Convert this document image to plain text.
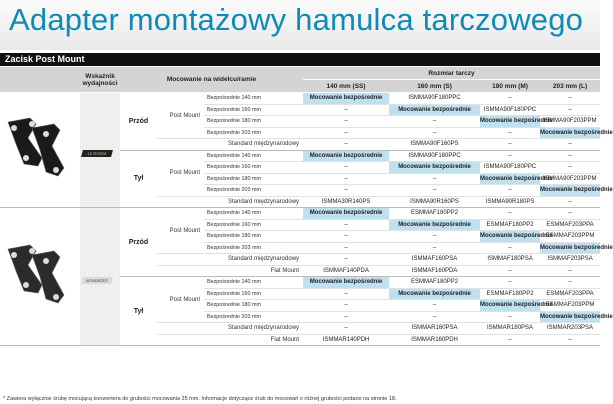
Adapter montażowy hamulca tarczowego
Zacisk Post Mount
	Wskaźnik wydajności	Mocowanie na widelcu/ramie			Rozmiar tarczy			
					140 mm (SS)	160 mm (S)	180 mm (M)	203 mm (L)

ULTEGRA	Przód	Post Mount	Bezpośrednie 140 mm	Mocowanie bezpośrednie	ISMMA90F180PPC	–	–
				Bezpośrednie 160 mm	–	Mocowanie bezpośrednie	ISMMA90F180PPC	–
				Bezpośrednie 180 mm	–	–	Mocowanie bezpośrednie	ISMMA90F203PPM
				Bezpośrednie 203 mm	–	–	–	Mocowanie bezpośrednie
			Standard międzynarodowy		–	ISMMA90F160PS	–	–
		Tył	Post Mount	Bezpośrednie 140 mm	Mocowanie bezpośrednie	ISMMA90F180PPC	–	–
				Bezpośrednie 160 mm	–	Mocowanie bezpośrednie	ISMMA90F180PPC	–
				Bezpośrednie 180 mm	–	–	Mocowanie bezpośrednie	ISMMA90F203PPM
				Bezpośrednie 203 mm	–	–	–	Mocowanie bezpośrednie
			Standard międzynarodowy		ISMMA30R140PS	ISMMA90R160PS	ISMMA90R180PS	–

ADVANCED	Przód	Post Mount	Bezpośrednie 140 mm	Mocowanie bezpośrednie	ESMMAF180PP2	–	–
				Bezpośrednie 160 mm	–	Mocowanie bezpośrednie	ESMMAF180PP2	ESMMAF203PPA
				Bezpośrednie 180 mm	–	–	Mocowanie bezpośrednie	ESMMAF203PPM
				Bezpośrednie 203 mm	–	–	–	Mocowanie bezpośrednie
			Standard międzynarodowy		–	ISMMAF160PSA	ISMMAF180PSA	ISMMAF203PSA
			Flat Mount		ISMMAF140PDA	ISMMAF160PDA	–	–
		Tył	Post Mount	Bezpośrednie 140 mm	Mocowanie bezpośrednie	ESMMAF180PP2	–	–
				Bezpośrednie 160 mm	–	Mocowanie bezpośrednie	ESMMAF180PP2	ESMMAF203PPA
				Bezpośrednie 180 mm	–	–	Mocowanie bezpośrednie	ESMMAF203PPM
				Bezpośrednie 203 mm	–	–	–	Mocowanie bezpośrednie
			Standard międzynarodowy		–	ISMMAR160PSA	ISMMAR180PSA	ISMMAR203PSA
			Flat Mount		ISMMAR140PDH	ISMMAR160PDH	–	–
* Zawiera wyłącznie śrubę mocującą konwertera do grubości mocowania 25 mm. Informacje dotyczące śrub do mocowań o różnej grubości podano na stronie 18.
